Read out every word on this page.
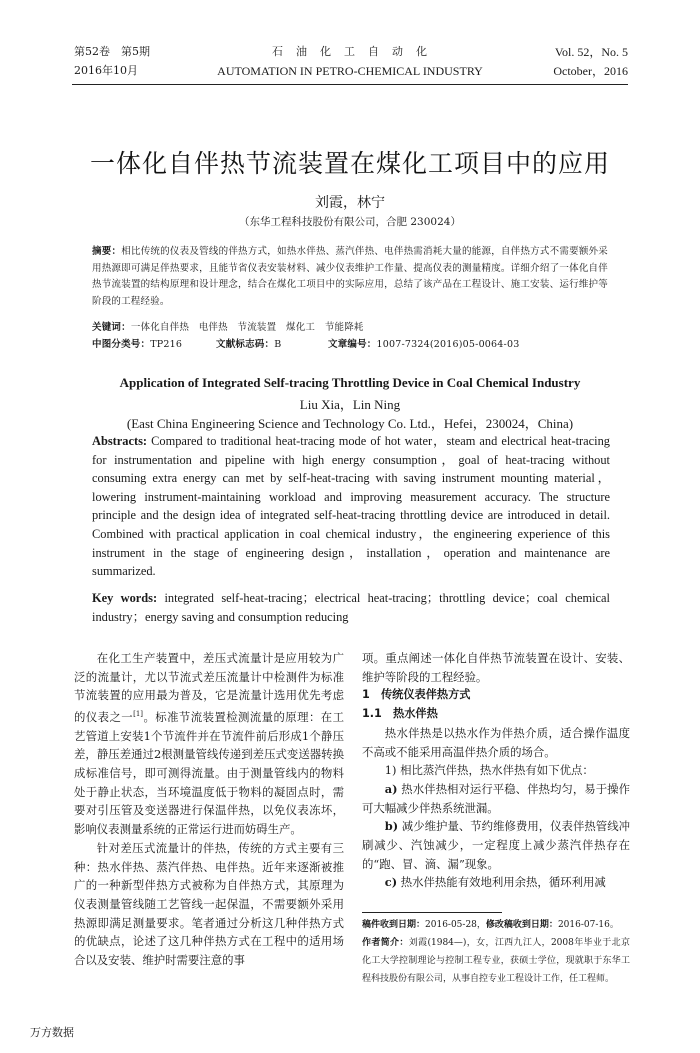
第52卷　第5期	石　油　化　工　自　动　化	Vol. 52，No. 5
2016年10月	AUTOMATION IN PETRO-CHEMICAL INDUSTRY	October，2016
一体化自伴热节流装置在煤化工项目中的应用
刘霞，林宁
（东华工程科技股份有限公司，合肥 230024）
摘要：相比传统的仪表及管线的伴热方式，如热水伴热、蒸汽伴热、电伴热需消耗大量的能源，自伴热方式不需要额外采用热源即可满足伴热要求，且能节省仪表安装材料、减少仪表维护工作量、提高仪表的测量精度。详细介绍了一体化自伴热节流装置的结构原理和设计理念，结合在煤化工项目中的实际应用，总结了该产品在工程设计、施工安装、运行维护等阶段的工程经验。
关键词：一体化自伴热　电伴热　节流装置　煤化工　节能降耗
中图分类号：TP216	文献标志码：B	文章编号：1007-7324(2016)05-0064-03
Application of Integrated Self-tracing Throttling Device in Coal Chemical Industry
Liu Xia，Lin Ning
(East China Engineering Science and Technology Co. Ltd.，Hefei，230024，China)
Abstracts: Compared to traditional heat-tracing mode of hot water，steam and electrical heat-tracing for instrumentation and pipeline with high energy consumption，goal of heat-tracing without consuming extra energy can met by self-heat-tracing with saving instrument mounting material，lowering instrument-maintaining workload and improving measurement accuracy. The structure principle and the design idea of integrated self-heat-tracing throttling device are introduced in detail. Combined with practical application in coal chemical industry，the engineering experience of this instrument in the stage of engineering design，installation，operation and maintenance are summarized.
Key words: integrated self-heat-tracing；electrical heat-tracing；throttling device；coal chemical industry；energy saving and consumption reducing

在化工生产装置中，差压式流量计是应用较为广泛的流量计，尤以节流式差压流量计中检测件为标准节流装置的应用最为普及，它是流量计选用优先考虑的仪表之一[1]。标准节流装置检测流量的原理：在工艺管道上安装1个节流件并在节流件前后形成1个静压差，静压差通过2根测量管线传递到差压式变送器转换成标准信号，即可测得流量。由于测量管线内的物料处于静止状态，当环境温度低于物料的凝固点时，需要对引压管及变送器进行保温伴热，以免仪表冻坏，影响仪表测量系统的正常运行进而妨碍生产。

针对差压式流量计的伴热，传统的方式主要有三种：热水伴热、蒸汽伴热、电伴热。近年来逐渐被推广的一种新型伴热方式被称为自伴热方式，其原理为仪表测量管线随工艺管线一起保温，不需要额外采用热源即满足测量要求。笔者通过分析这几种伴热方式的优缺点，论述了这几种伴热方式在工程中的适用场合以及安装、维护时需要注意的事

项。重点阐述一体化自伴热节流装置在设计、安装、维护等阶段的工程经验。

1　传统仪表伴热方式

1.1　热水伴热

热水伴热是以热水作为伴热介质，适合操作温度不高或不能采用高温伴热介质的场合。

1) 相比蒸汽伴热，热水伴热有如下优点：

a) 热水伴热相对运行平稳、伴热均匀，易于操作可大幅减少伴热系统泄漏。

b) 减少维护量、节约维修费用，仪表伴热管线冲刷减少、汽蚀减少，一定程度上减少蒸汽伴热存在的“跑、冒、滴、漏”现象。

c) 热水伴热能有效地利用余热，循环利用减

稿件收到日期：2016-05-28，修改稿收到日期：2016-07-16。
作者简介：刘霞(1984—)，女，江西九江人，2008年毕业于北京化工大学控制理论与控制工程专业，获硕士学位，现就职于东华工程科技股份有限公司，从事自控专业工程设计工作，任工程师。
万方数据
